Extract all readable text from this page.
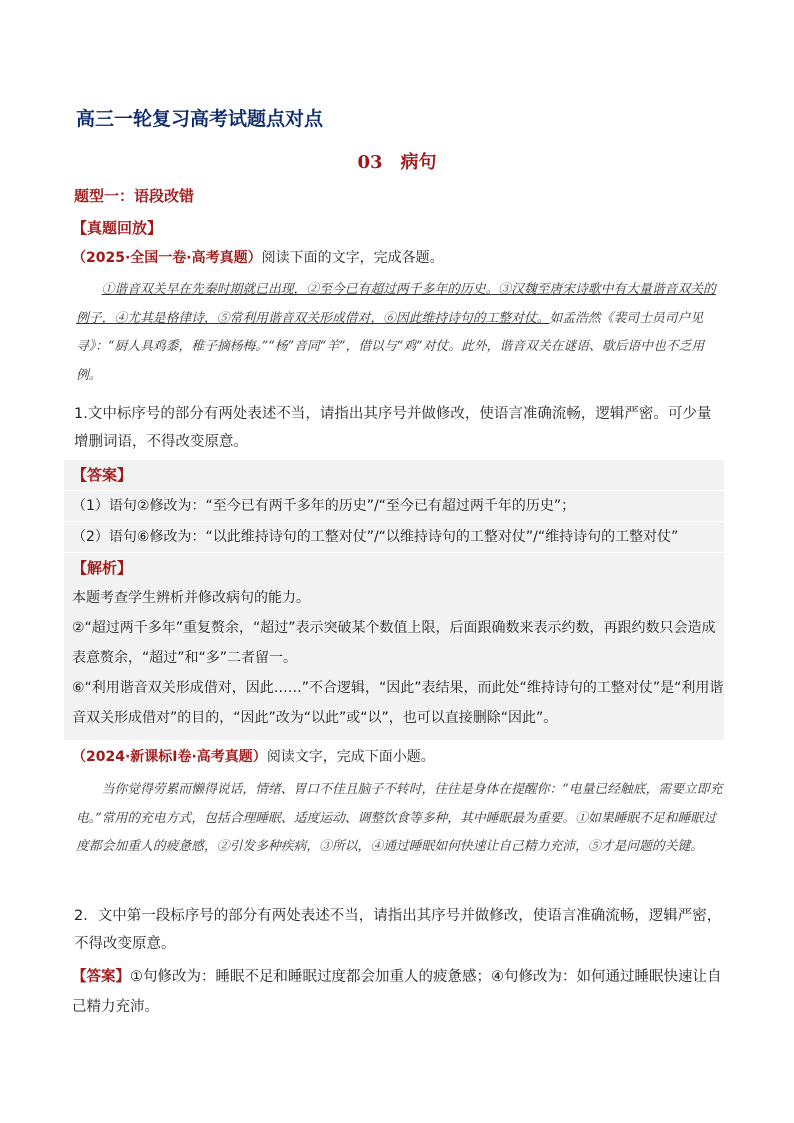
高三一轮复习高考试题点对点
03 病句
题型一：语段改错
【真题回放】
（2025·全国一卷·高考真题）阅读下面的文字，完成各题。
①谐音双关早在先秦时期就已出现，②至今已有超过两千多年的历史。③汉魏至唐宋诗歌中有大量谐音双关的例子，④尤其是格律诗，⑤常利用谐音双关形成借对，⑥因此维持诗句的工整对仗。如孟浩然《裴司士员司户见寻》：“厨人具鸡黍，稚子摘杨梅。”“杨”音同“羊”，借以与“鸡”对仗。此外，谐音双关在谜语、歇后语中也不乏用例。
1.文中标序号的部分有两处表述不当，请指出其序号并做修改，使语言准确流畅，逻辑严密。可少量增删词语，不得改变原意。
【答案】
（1）语句②修改为：“至今已有两千多年的历史”/“至今已有超过两千年的历史”；
（2）语句⑥修改为：“以此维持诗句的工整对仗”/“以维持诗句的工整对仗”/“维持诗句的工整对仗”
【解析】
本题考查学生辨析并修改病句的能力。
②“超过两千多年”重复赘余，“超过”表示突破某个数值上限，后面跟确数来表示约数，再跟约数只会造成表意赘余，“超过”和“多”二者留一。
⑥“利用谐音双关形成借对，因此……”不合逻辑，“因此”表结果，而此处“维持诗句的工整对仗”是“利用谐音双关形成借对”的目的，“因此”改为“以此”或“以”，也可以直接删除“因此”。
（2024·新课标Ⅰ卷·高考真题）阅读文字，完成下面小题。
当你觉得劳累而懒得说话，情绪、胃口不佳且脑子不转时，往往是身体在提醒你：“电量已经触底，需要立即充电。”常用的充电方式，包括合理睡眠、适度运动、调整饮食等多种，其中睡眠最为重要。①如果睡眠不足和睡眠过度都会加重人的疲惫感，②引发多种疾病，③所以，④通过睡眠如何快速让自己精力充沛，⑤才是问题的关键。
2．文中第一段标序号的部分有两处表述不当，请指出其序号并做修改，使语言准确流畅，逻辑严密，不得改变原意。
【答案】①句修改为：睡眠不足和睡眠过度都会加重人的疲惫感；④句修改为：如何通过睡眠快速让自己精力充沛。
